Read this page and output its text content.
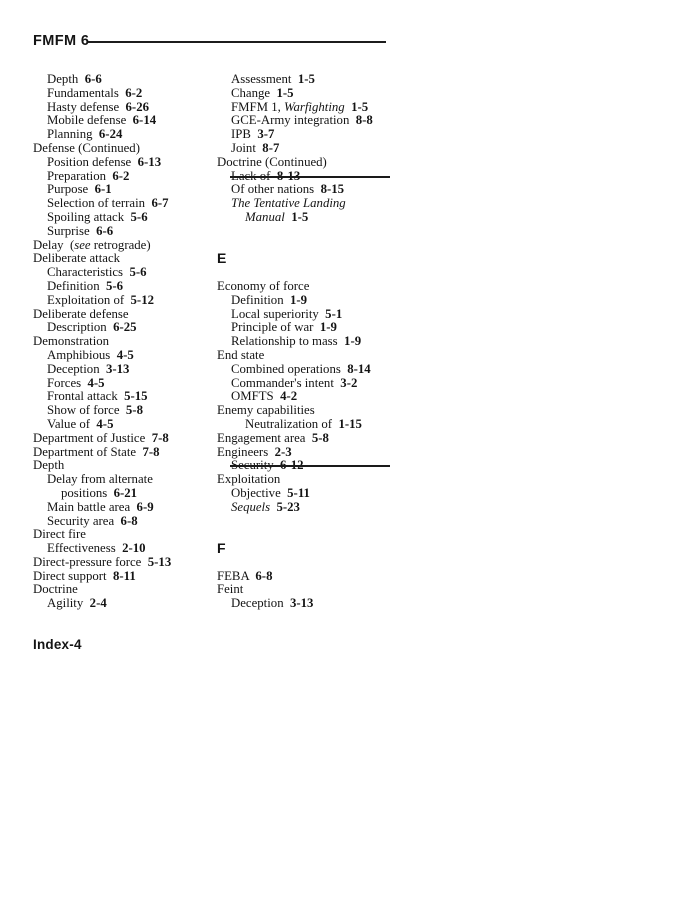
FMFM 6
Depth  6-6
Fundamentals  6-2
Hasty defense  6-26
Mobile defense  6-14
Planning  6-24
Defense (Continued)
Position defense  6-13
Preparation  6-2
Purpose  6-1
Selection of terrain  6-7
Spoiling attack  5-6
Surprise  6-6
Delay  (see retrograde)
Deliberate attack
Characteristics  5-6
Definition  5-6
Exploitation of  5-12
Deliberate defense
Description  6-25
Demonstration
Amphibious  4-5
Deception  3-13
Forces  4-5
Frontal attack  5-15
Show of force  5-8
Value of  4-5
Department of Justice  7-8
Department of State  7-8
Depth
Delay from alternate
positions  6-21
Main battle area  6-9
Security area  6-8
Direct fire
Effectiveness  2-10
Direct-pressure force  5-13
Direct support  8-11
Doctrine
Agility  2-4
Assessment  1-5
Change  1-5
FMFM 1, Warfighting  1-5
GCE-Army integration  8-8
IPB  3-7
Joint  8-7
Doctrine (Continued)
Lack of  8-13
Of other nations  8-15
The Tentative Landing
Manual  1-5
E
Economy of force
Definition  1-9
Local superiority  5-1
Principle of war  1-9
Relationship to mass  1-9
End state
Combined operations  8-14
Commander's intent  3-2
OMFTS  4-2
Enemy capabilities
Neutralization of  1-15
Engagement area  5-8
Engineers  2-3
Security  6-12
Exploitation
Objective  5-11
Sequels  5-23
F
FEBA  6-8
Feint
Deception  3-13
Index-4
